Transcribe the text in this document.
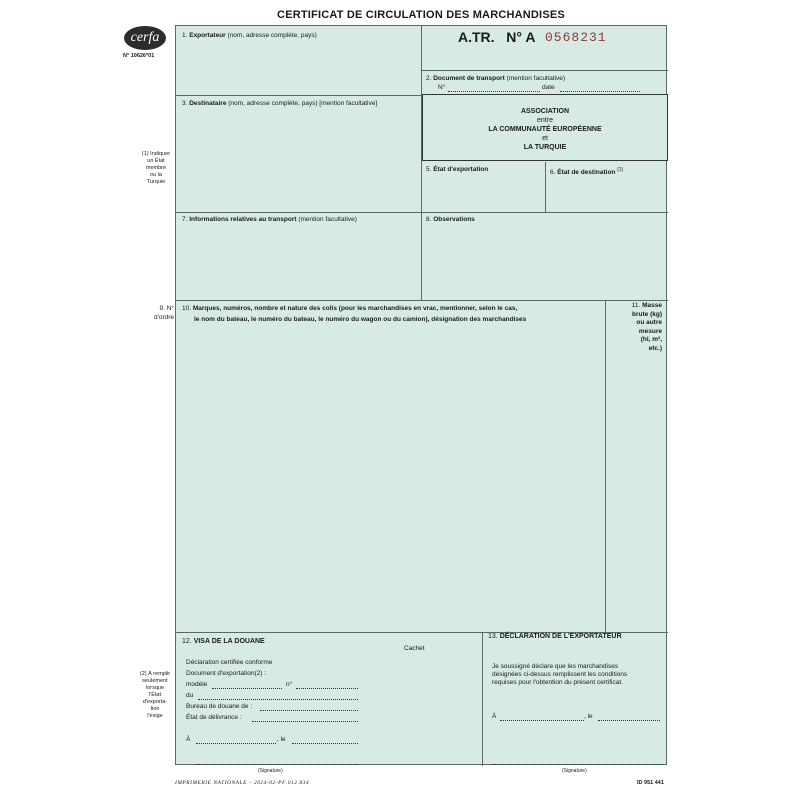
CERTIFICAT DE CIRCULATION DES MARCHANDISES
cerfa
N° 10626*01
(1) Indiquer
un État
membre
ou la
Turquie
9. N°
d'ordre
(2) À remplir
seulement
lorsque
l'État
d'exporta-
tion
l'exige
1. Exportateur (nom, adresse complète, pays)	A.TR. N° A 0568231
2. Document de transport (mention facultative)
N°	date
3. Destinataire (nom, adresse complète, pays) [mention facultative]
ASSOCIATION
entre
LA COMMUNAUTÉ EUROPÉENNE
et
LA TURQUIE
5. État d'exportation	6. État de destination $^{(1)}$
7. Informations relatives au transport (mention facultative)	8. Observations
10. Marques, numéros, nombre et nature des colis (pour les marchandises en vrac, mentionner, selon le cas,
le nom du bateau, le numéro du bateau, le numéro du wagon ou du camion), désignation des marchandises
11. Masse
brute (kg)
ou autre
mesure
(hl, m³,
etc.)
12. VISA DE LA DOUANE
Cachet
Déclaration certifiée conforme
Document d'exportation(2) :
modèle	n°
du
Bureau de douane de :
État de délivrance :
À	, le
(Signature)
13. DÉCLARATION DE L'EXPORTATEUR
Je soussigné déclare que les marchandises
désignées ci-dessus remplissent les conditions
requises pour l'obtention du présent certificat.
À	, le
(Signature)
IMPRIMERIE NATIONALE – 2024-02-PF 012 834	ID 951 441
